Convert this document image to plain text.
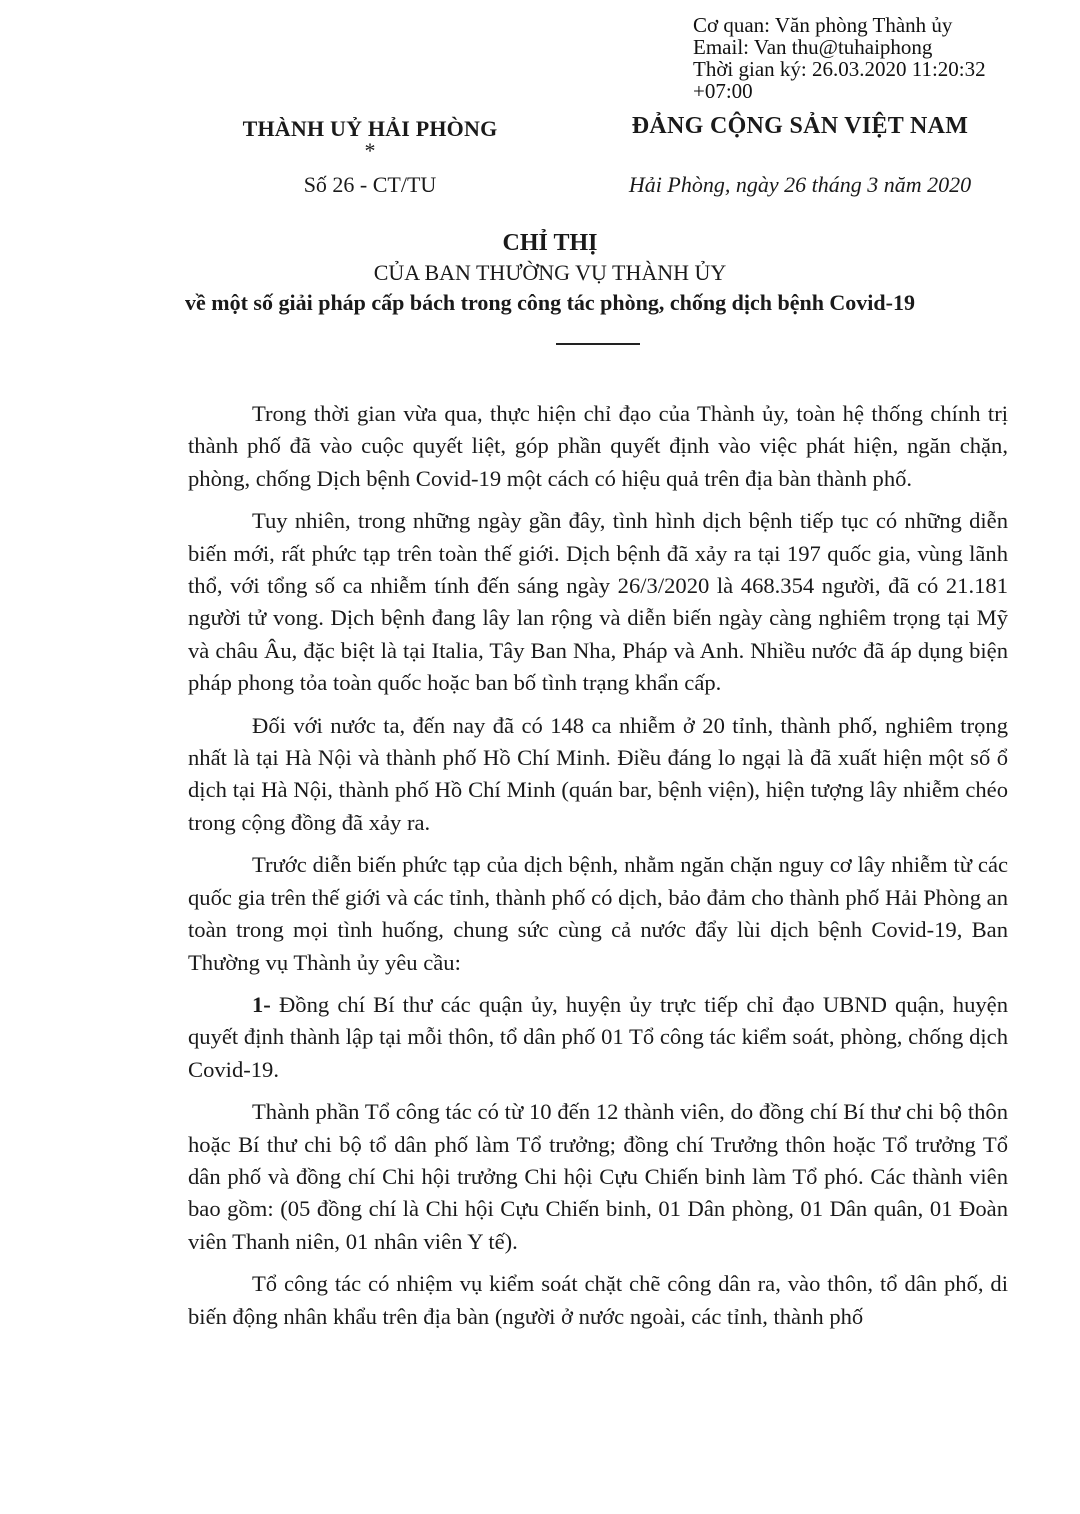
Cơ quan: Văn phòng Thành ủy
Email: Van thu@tuhaiphong
Thời gian ký: 26.03.2020 11:20:32
+07:00
THÀNH UỶ HẢI PHÒNG
*
Số 26 - CT/TU
ĐẢNG CỘNG SẢN VIỆT NAM
Hải Phòng, ngày 26 tháng 3 năm 2020
CHỈ THỊ
CỦA BAN THƯỜNG VỤ THÀNH ỦY
về một số giải pháp cấp bách trong công tác phòng, chống dịch bệnh Covid-19

Trong thời gian vừa qua, thực hiện chỉ đạo của Thành ủy, toàn hệ thống chính trị thành phố đã vào cuộc quyết liệt, góp phần quyết định vào việc phát hiện, ngăn chặn, phòng, chống Dịch bệnh Covid-19 một cách có hiệu quả trên địa bàn thành phố.

Tuy nhiên, trong những ngày gần đây, tình hình dịch bệnh tiếp tục có những diễn biến mới, rất phức tạp trên toàn thế giới. Dịch bệnh đã xảy ra tại 197 quốc gia, vùng lãnh thổ, với tổng số ca nhiễm tính đến sáng ngày 26/3/2020 là 468.354 người, đã có 21.181 người tử vong. Dịch bệnh đang lây lan rộng và diễn biến ngày càng nghiêm trọng tại Mỹ và châu Âu, đặc biệt là tại Italia, Tây Ban Nha, Pháp và Anh. Nhiều nước đã áp dụng biện pháp phong tỏa toàn quốc hoặc ban bố tình trạng khẩn cấp.

Đối với nước ta, đến nay đã có 148 ca nhiễm ở 20 tỉnh, thành phố, nghiêm trọng nhất là tại Hà Nội và thành phố Hồ Chí Minh. Điều đáng lo ngại là đã xuất hiện một số ổ dịch tại Hà Nội, thành phố Hồ Chí Minh (quán bar, bệnh viện), hiện tượng lây nhiễm chéo trong cộng đồng đã xảy ra.

Trước diễn biến phức tạp của dịch bệnh, nhằm ngăn chặn nguy cơ lây nhiễm từ các quốc gia trên thế giới và các tỉnh, thành phố có dịch, bảo đảm cho thành phố Hải Phòng an toàn trong mọi tình huống, chung sức cùng cả nước đẩy lùi dịch bệnh Covid-19, Ban Thường vụ Thành ủy yêu cầu:

1- Đồng chí Bí thư các quận ủy, huyện ủy trực tiếp chỉ đạo UBND quận, huyện quyết định thành lập tại mỗi thôn, tổ dân phố 01 Tổ công tác kiểm soát, phòng, chống dịch Covid-19.

Thành phần Tổ công tác có từ 10 đến 12 thành viên, do đồng chí Bí thư chi bộ thôn hoặc Bí thư chi bộ tổ dân phố làm Tổ trưởng; đồng chí Trưởng thôn hoặc Tổ trưởng Tổ dân phố và đồng chí Chi hội trưởng Chi hội Cựu Chiến binh làm Tổ phó. Các thành viên bao gồm: (05 đồng chí là Chi hội Cựu Chiến binh, 01 Dân phòng, 01 Dân quân, 01 Đoàn viên Thanh niên, 01 nhân viên Y tế).

Tổ công tác có nhiệm vụ kiểm soát chặt chẽ công dân ra, vào thôn, tổ dân phố, di biến động nhân khẩu trên địa bàn (người ở nước ngoài, các tỉnh, thành phố
